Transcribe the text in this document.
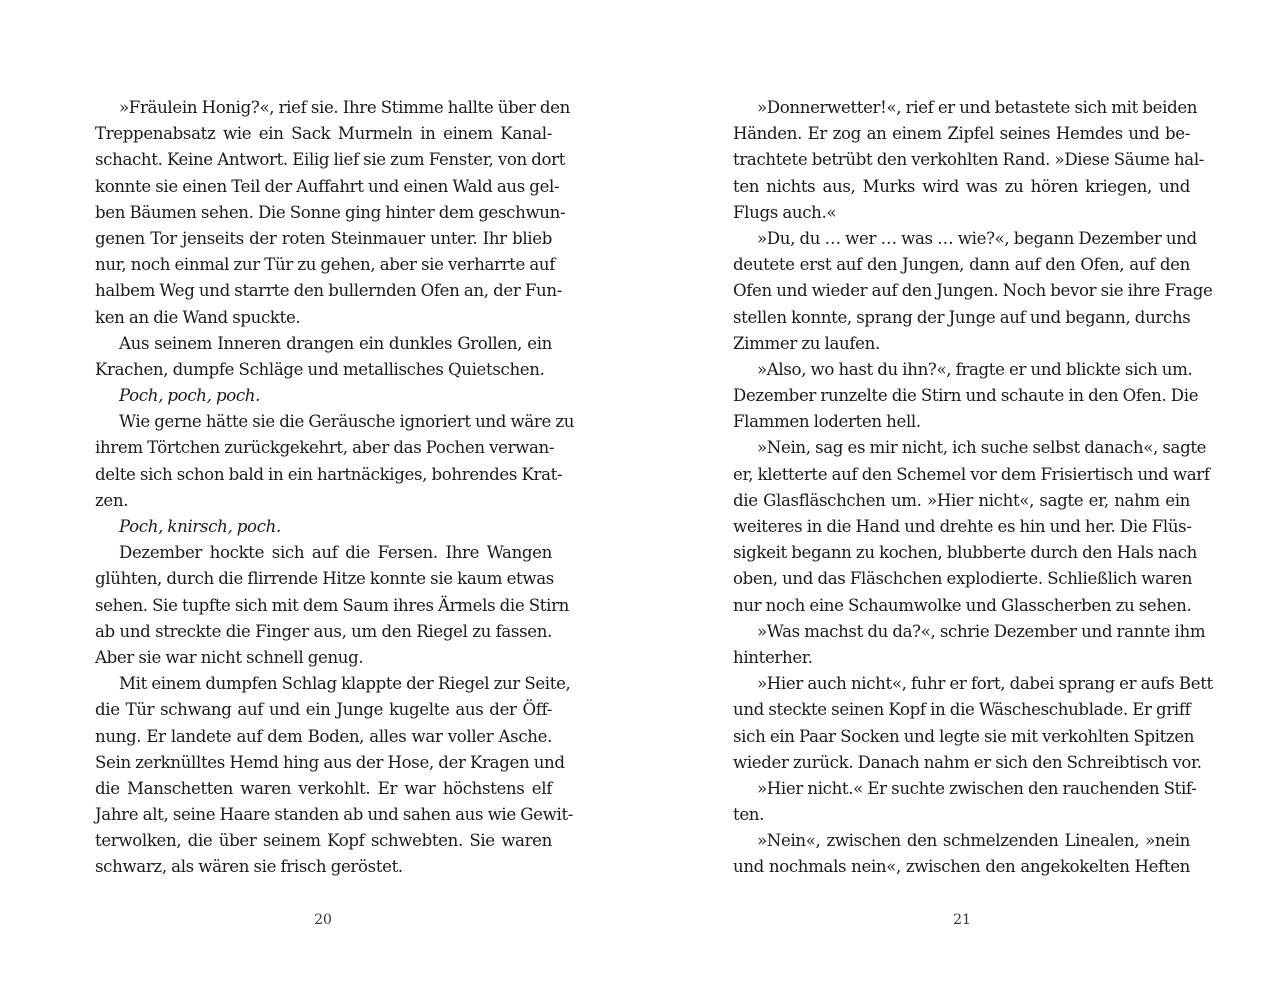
»Fräulein Honig?«, rief sie. Ihre Stimme hallte über den
Treppenabsatz wie ein Sack Murmeln in einem Kanal-
schacht. Keine Antwort. Eilig lief sie zum Fenster, von dort
konnte sie einen Teil der Auffahrt und einen Wald aus gel-
ben Bäumen sehen. Die Sonne ging hinter dem geschwun-
genen Tor jenseits der roten Steinmauer unter. Ihr blieb
nur, noch einmal zur Tür zu gehen, aber sie verharrte auf
halbem Weg und starrte den bullernden Ofen an, der Fun-
ken an die Wand spuckte.
Aus seinem Inneren drangen ein dunkles Grollen, ein
Krachen, dumpfe Schläge und metallisches Quietschen.
Poch, poch, poch.
Wie gerne hätte sie die Geräusche ignoriert und wäre zu
ihrem Törtchen zurückgekehrt, aber das Pochen verwan-
delte sich schon bald in ein hartnäckiges, bohrendes Krat-
zen.
Poch, knirsch, poch.
Dezember hockte sich auf die Fersen. Ihre Wangen
glühten, durch die flirrende Hitze konnte sie kaum etwas
sehen. Sie tupfte sich mit dem Saum ihres Ärmels die Stirn
ab und streckte die Finger aus, um den Riegel zu fassen.
Aber sie war nicht schnell genug.
Mit einem dumpfen Schlag klappte der Riegel zur Seite,
die Tür schwang auf und ein Junge kugelte aus der Öff-
nung. Er landete auf dem Boden, alles war voller Asche.
Sein zerknülltes Hemd hing aus der Hose, der Kragen und
die Manschetten waren verkohlt. Er war höchstens elf
Jahre alt, seine Haare standen ab und sahen aus wie Gewit-
terwolken, die über seinem Kopf schwebten. Sie waren
schwarz, als wären sie frisch geröstet.
20
»Donnerwetter!«, rief er und betastete sich mit beiden
Händen. Er zog an einem Zipfel seines Hemdes und be-
trachtete betrübt den verkohlten Rand. »Diese Säume hal-
ten nichts aus, Murks wird was zu hören kriegen, und
Flugs auch.«
»Du, du … wer … was … wie?«, begann Dezember und
deutete erst auf den Jungen, dann auf den Ofen, auf den
Ofen und wieder auf den Jungen. Noch bevor sie ihre Frage
stellen konnte, sprang der Junge auf und begann, durchs
Zimmer zu laufen.
»Also, wo hast du ihn?«, fragte er und blickte sich um.
Dezember runzelte die Stirn und schaute in den Ofen. Die
Flammen loderten hell.
»Nein, sag es mir nicht, ich suche selbst danach«, sagte
er, kletterte auf den Schemel vor dem Frisiertisch und warf
die Glasfläschchen um. »Hier nicht«, sagte er, nahm ein
weiteres in die Hand und drehte es hin und her. Die Flüs-
sigkeit begann zu kochen, blubberte durch den Hals nach
oben, und das Fläschchen explodierte. Schließlich waren
nur noch eine Schaumwolke und Glasscherben zu sehen.
»Was machst du da?«, schrie Dezember und rannte ihm
hinterher.
»Hier auch nicht«, fuhr er fort, dabei sprang er aufs Bett
und steckte seinen Kopf in die Wäscheschublade. Er griff
sich ein Paar Socken und legte sie mit verkohlten Spitzen
wieder zurück. Danach nahm er sich den Schreibtisch vor.
»Hier nicht.« Er suchte zwischen den rauchenden Stif-
ten.
»Nein«, zwischen den schmelzenden Linealen, »nein
und nochmals nein«, zwischen den angekokelten Heften
21
